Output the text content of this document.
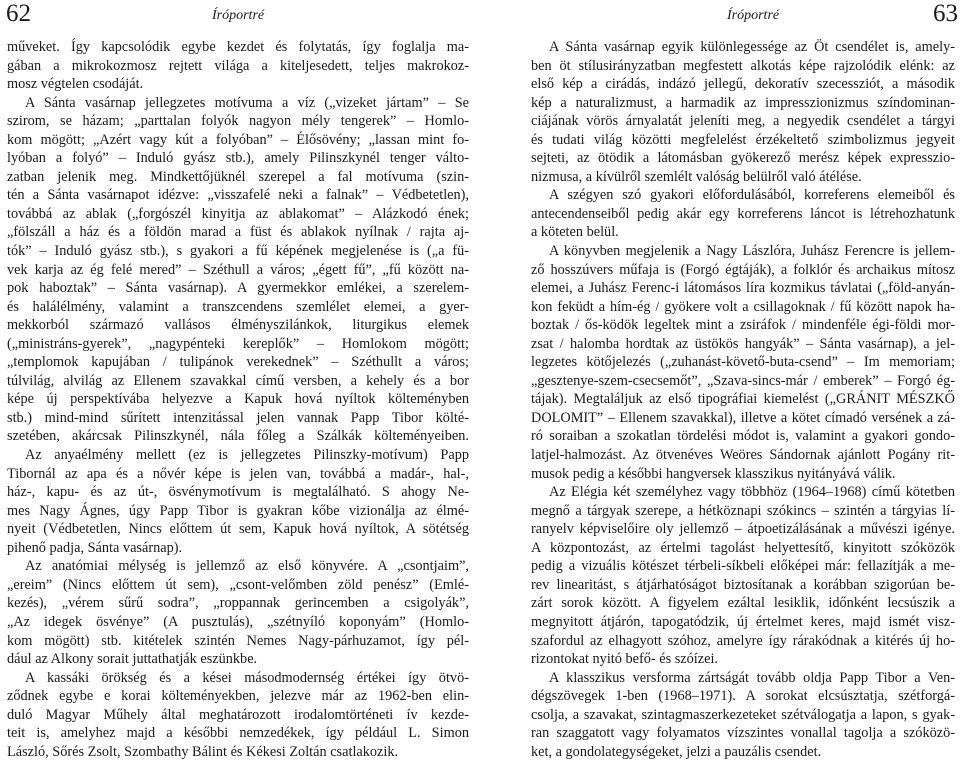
62	Íróportré
műveket. Így kapcsolódik egybe kezdet és folytatás, így foglalja ma-
gában a mikrokozmosz rejtett világa a kiteljesedett, teljes makrokoz-
mosz végtelen csodáját.
A Sánta vasárnap jellegzetes motívuma a víz („vizeket jártam” – Se
szirom, se házam; „parttalan folyók nagyon mély tengerek” – Homlo-
kom mögött; „Azért vagy kút a folyóban” – Élősövény; „lassan mint fo-
lyóban a folyó” – Induló gyász stb.), amely Pilinszkynél tenger válto-
zatban jelenik meg. Mindkettőjüknél szerepel a fal motívuma (szin-
tén a Sánta vasárnapot idézve: „visszafelé neki a falnak” – Védbetetlen),
továbbá az ablak („forgószél kinyitja az ablakomat” – Alázkodó ének;
„fölszáll a ház és a földön marad a füst és ablakok nyílnak / rajta aj-
tók” – Induló gyász stb.), s gyakori a fű képének megjelenése is („a fü-
vek karja az ég felé mered” – Széthull a város; „égett fű”, „fű között na-
pok haboztak” – Sánta vasárnap). A gyermekkor emlékei, a szerelem-
és halálélmény, valamint a transzcendens szemlélet elemei, a gyer-
mekkorból származó vallásos élményszilánkok, liturgikus elemek
(„ministráns-gyerek”, „nagypénteki kereplők” – Homlokom mögött;
„templomok kapujában / tulipánok verekednek” – Széthullt a város;
túlvilág, alvilág az Ellenem szavakkal című versben, a kehely és a bor
képe új perspektívába helyezve a Kapuk hová nyíltok költeményben
stb.) mind-mind sűrített intenzitással jelen vannak Papp Tibor költé-
szetében, akárcsak Pilinszkynél, nála főleg a Szálkák költeményeiben.
Az anyaélmény mellett (ez is jellegzetes Pilinszky-motívum) Papp
Tibornál az apa és a nővér képe is jelen van, továbbá a madár-, hal-,
ház-, kapu- és az út-, ösvénymotívum is megtalálható. S ahogy Ne-
mes Nagy Ágnes, úgy Papp Tibor is gyakran kőbe vizionálja az élmé-
nyeit (Védbetetlen, Nincs előttem út sem, Kapuk hová nyíltok, A sötétség
pihenő padja, Sánta vasárnap).
Az anatómiai mélység is jellemző az első könyvére. A „csontjaim”,
„ereim” (Nincs előttem út sem), „csont-velőmben zöld penész” (Emlé-
kezés), „vérem sűrű sodra”, „roppannak gerincemben a csigolyák”,
„Az idegek ösvénye” (A pusztulás), „szétnyíló koponyám” (Homlo-
kom mögött) stb. kitételek szintén Nemes Nagy-párhuzamot, így pél-
dául az Alkony sorait juttathatják eszünkbe.
A kassáki örökség és a kései másodmodernség értékei így ötvö-
ződnek egybe e korai költeményekben, jelezve már az 1962-ben elin-
duló Magyar Műhely által meghatározott irodalomtörténeti ív kezde-
teit is, amelyhez majd a későbbi nemzedékek, így például L. Simon
László, Sőrés Zsolt, Szombathy Bálint és Kékesi Zoltán csatlakozik.
Íróportré	63
A Sánta vasárnap egyik különlegessége az Öt csendélet is, amely-
ben öt stílusirányzatban megfestett alkotás képe rajzolódik elénk: az
első kép a cirádás, indázó jellegű, dekoratív szecessziót, a második
kép a naturalizmust, a harmadik az impresszionizmus színdominan-
ciájának vörös árnyalatát jeleníti meg, a negyedik csendélet a tárgyi
és tudati világ közötti megfelelést érzékeltető szimbolizmus jegyeit
sejteti, az ötödik a látomásban gyökerező merész képek expresszio-
nizmusa, a kívülről szemlélt valóság belülről való átélése.
A szégyen szó gyakori előfordulásából, korreferens elemeiből és
antecendenseiből pedig akár egy korreferens láncot is létrehozhatunk
a köteten belül.
A könyvben megjelenik a Nagy Lászlóra, Juhász Ferencre is jellem-
ző hosszúvers műfaja is (Forgó égtáják), a folklór és archaikus mítosz
elemei, a Juhász Ferenc-i látomásos líra kozmikus távlatai („föld-anyán-
kon feküdt a hím-ég / gyökere volt a csillagoknak / fű között napok ha-
boztak / ős-ködök legeltek mint a zsiráfok / mindenféle égi-földi mor-
zsat / halomba hordtak az üstökös hangyák” – Sánta vasárnap), a jel-
legzetes kötőjelezés („zuhanást-követő-buta-csend” – Im memoriam;
„gesztenye-szem-csecsemőt”, „Szava-sincs-már / emberek” – Forgó ég-
tájak). Megtaláljuk az első tipográfiai kiemelést („GRÁNIT MÉSZKŐ
DOLOMIT” – Ellenem szavakkal), illetve a kötet címadó versének a zá-
ró soraiban a szokatlan tördelési módot is, valamint a gyakori gondo-
latjel-halmozást. Az ötvenéves Weöres Sándornak ajánlott Pogány rit-
musok pedig a későbbi hangversek klasszikus nyitányává válik.
Az Elégia két személyhez vagy többhöz (1964–1968) című kötetben
megnő a tárgyak szerepe, a hétköznapi szókincs – szintén a tárgyias lí-
ranyelv képviselőire oly jellemző – átpoetizálásának a művészi igénye.
A központozást, az értelmi tagolást helyettesítő, kinyitott szóközök
pedig a vizuális kötészet térbeli-síkbeli előképei már: fellazítják a me-
rev linearitást, s átjárhatóságot biztosítanak a korábban szigorúan be-
zárt sorok között. A figyelem ezáltal lesiklik, időnként lecsúszik a
megnyitott átjárón, tapogatódzik, új értelmet keres, majd ismét visz-
szafordul az elhagyott szóhoz, amelyre így rárakódnak a kitérés új ho-
rizontokat nyitó befő- és szóízei.
A klasszikus versforma zártságát tovább oldja Papp Tibor a Ven-
dégszövegek 1-ben (1968–1971). A sorokat elcsúsztatja, szétforgá-
csolja, a szavakat, szintagmaszerkezeteket szétválogatja a lapon, s gyak-
ran szaggatott vagy folyamatos vízszintes vonallal tagolja a szóközö-
ket, a gondolategységeket, jelzi a pauzális csendet.
